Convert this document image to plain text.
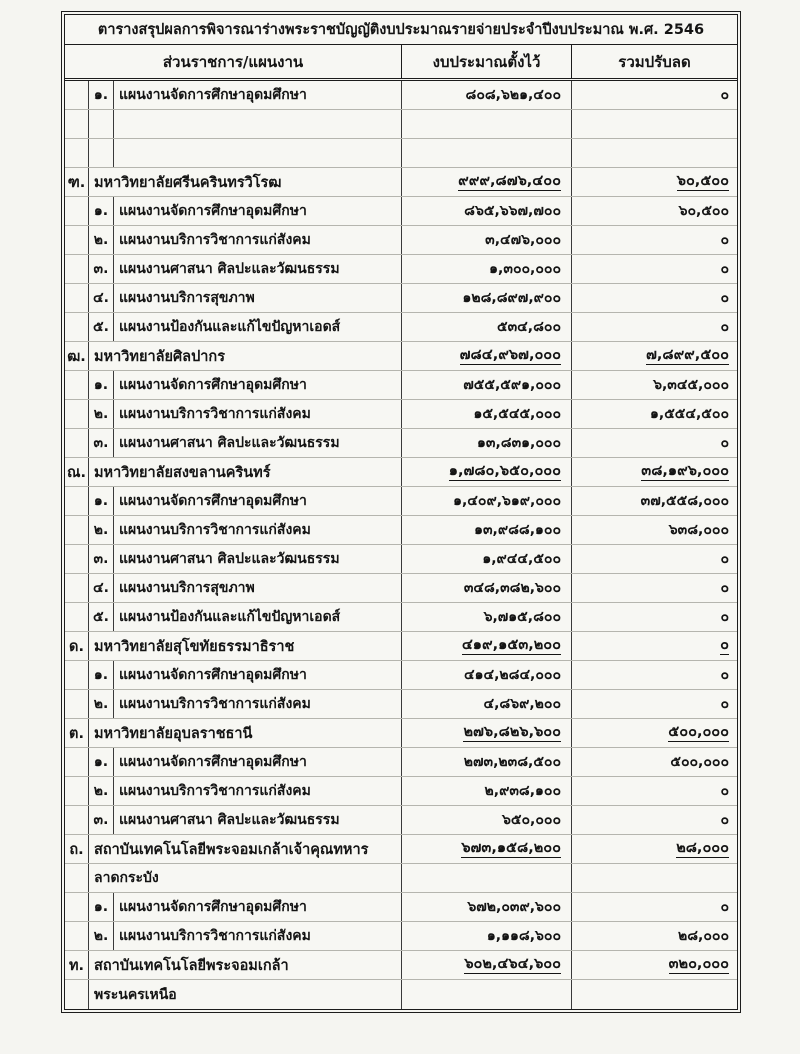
ตารางสรุปผลการพิจารณาร่างพระราชบัญญัติงบประมาณรายจ่ายประจำปีงบประมาณ พ.ศ. 2546
ส่วนราชการ/แผนงาน	งบประมาณตั้งไว้	รวมปรับลด
๑. แผนงานจัดการศึกษาอุดมศึกษา	๘๐๘,๖๒๑,๔๐๐	๐
ฑ. มหาวิทยาลัยศรีนครินทรวิโรฒ	๙๙๙,๘๗๖,๔๐๐	๖๐,๕๐๐
๑. แผนงานจัดการศึกษาอุดมศึกษา	๘๖๕,๖๖๗,๗๐๐	๖๐,๕๐๐
๒. แผนงานบริการวิชาการแก่สังคม	๓,๔๗๖,๐๐๐	๐
๓. แผนงานศาสนา ศิลปะและวัฒนธรรม	๑,๓๐๐,๐๐๐	๐
๔. แผนงานบริการสุขภาพ	๑๒๘,๘๙๗,๙๐๐	๐
๕. แผนงานป้องกันและแก้ไขปัญหาเอดส์	๕๓๔,๘๐๐	๐
ฒ. มหาวิทยาลัยศิลปากร	๗๘๔,๙๖๗,๐๐๐	๗,๘๙๙,๕๐๐
๑. แผนงานจัดการศึกษาอุดมศึกษา	๗๕๕,๕๙๑,๐๐๐	๖,๓๔๕,๐๐๐
๒. แผนงานบริการวิชาการแก่สังคม	๑๕,๕๔๕,๐๐๐	๑,๕๕๔,๕๐๐
๓. แผนงานศาสนา ศิลปะและวัฒนธรรม	๑๓,๘๓๑,๐๐๐	๐
ณ. มหาวิทยาลัยสงขลานครินทร์	๑,๗๘๐,๖๕๐,๐๐๐	๓๘,๑๙๖,๐๐๐
๑. แผนงานจัดการศึกษาอุดมศึกษา	๑,๔๐๙,๖๑๙,๐๐๐	๓๗,๕๕๘,๐๐๐
๒. แผนงานบริการวิชาการแก่สังคม	๑๓,๙๘๘,๑๐๐	๖๓๘,๐๐๐
๓. แผนงานศาสนา ศิลปะและวัฒนธรรม	๑,๙๔๔,๕๐๐	๐
๔. แผนงานบริการสุขภาพ	๓๔๘,๓๘๒,๖๐๐	๐
๕. แผนงานป้องกันและแก้ไขปัญหาเอดส์	๖,๗๑๕,๘๐๐	๐
ด. มหาวิทยาลัยสุโขทัยธรรมาธิราช	๔๑๙,๑๕๓,๒๐๐	๐
๑. แผนงานจัดการศึกษาอุดมศึกษา	๔๑๔,๒๘๔,๐๐๐	๐
๒. แผนงานบริการวิชาการแก่สังคม	๔,๘๖๙,๒๐๐	๐
ต. มหาวิทยาลัยอุบลราชธานี	๒๗๖,๘๒๖,๖๐๐	๕๐๐,๐๐๐
๑. แผนงานจัดการศึกษาอุดมศึกษา	๒๗๓,๒๓๘,๕๐๐	๕๐๐,๐๐๐
๒. แผนงานบริการวิชาการแก่สังคม	๒,๙๓๘,๑๐๐	๐
๓. แผนงานศาสนา ศิลปะและวัฒนธรรม	๖๕๐,๐๐๐	๐
ถ. สถาบันเทคโนโลยีพระจอมเกล้าเจ้าคุณทหาร	๖๗๓,๑๕๘,๒๐๐	๒๘,๐๐๐
ลาดกระบัง
๑. แผนงานจัดการศึกษาอุดมศึกษา	๖๗๒,๐๓๙,๖๐๐	๐
๒. แผนงานบริการวิชาการแก่สังคม	๑,๑๑๘,๖๐๐	๒๘,๐๐๐
ท. สถาบันเทคโนโลยีพระจอมเกล้า	๖๐๒,๔๖๔,๖๐๐	๓๒๐,๐๐๐
พระนครเหนือ
